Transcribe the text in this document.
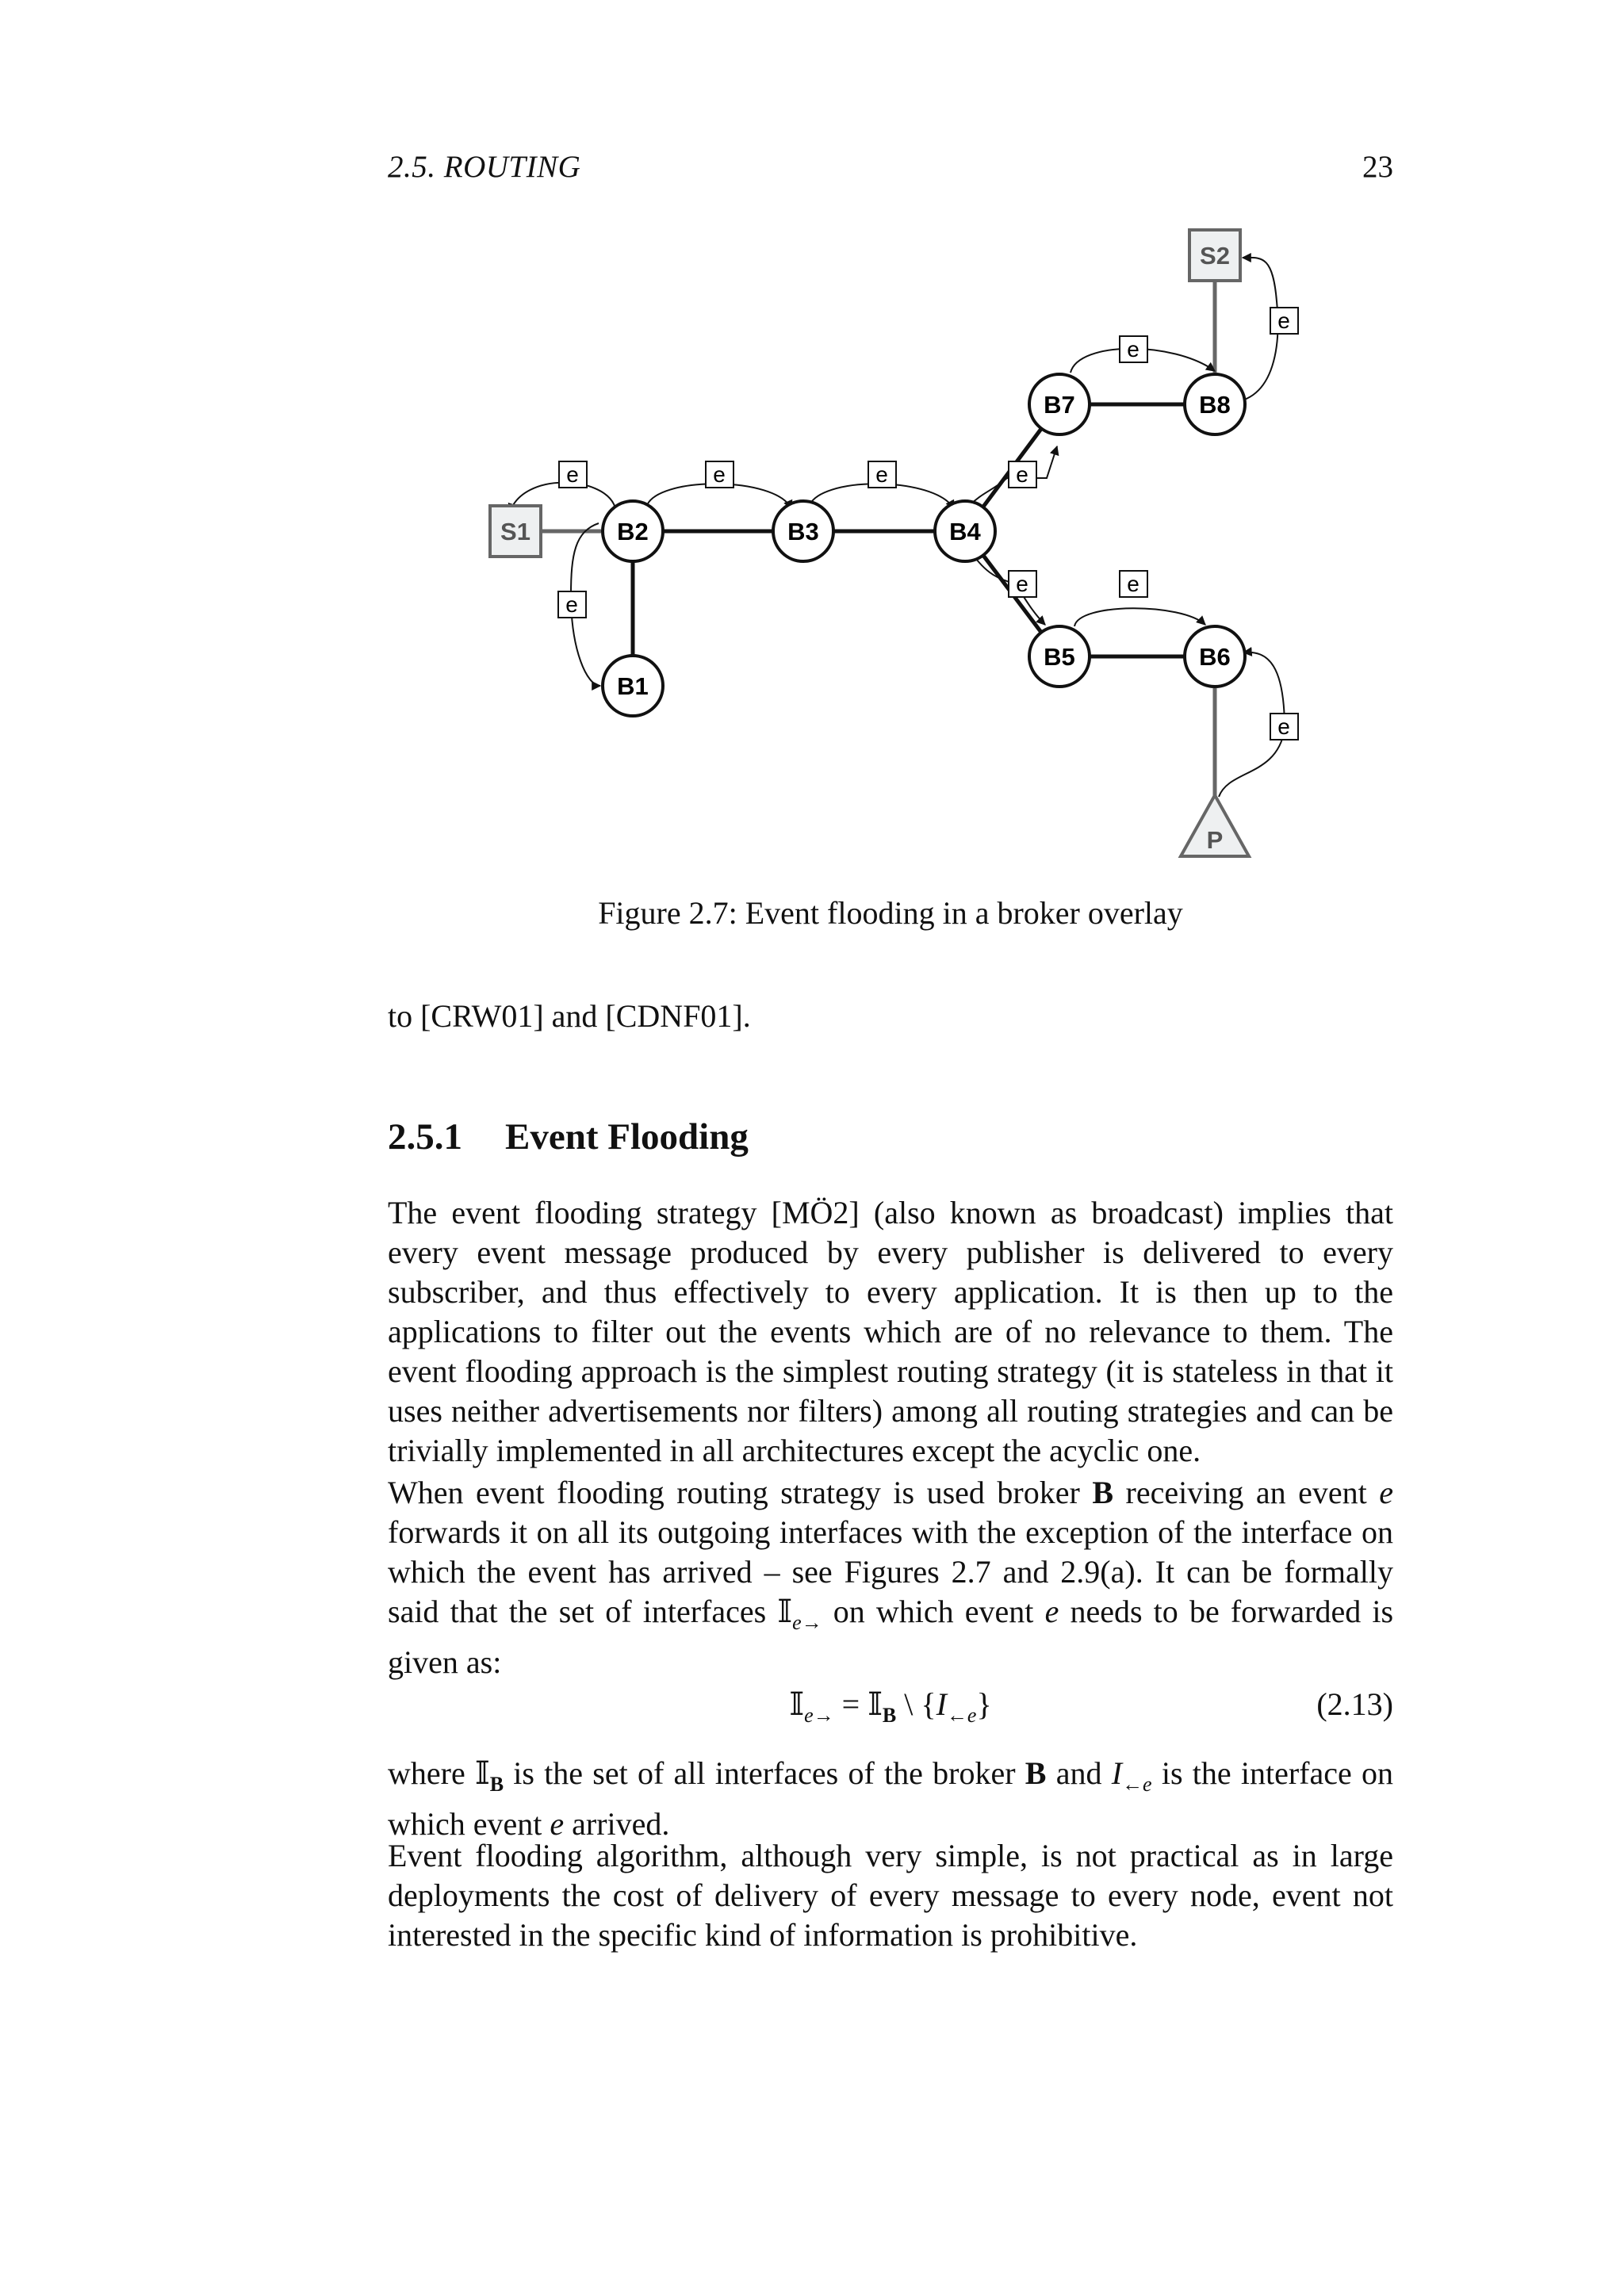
2.5. ROUTING	23
e	e	e	e
e	e
e
e
e
e
B1
B2	B3	B4
B5	B6
B7	B8
S1
S2
P
Figure 2.7: Event flooding in a broker overlay

to [CRW01] and [CDNF01].

2.5.1 Event Flooding

The event flooding strategy [MÖ2] (also known as broadcast) implies that every event message produced by every publisher is delivered to every subscriber, and thus effectively to every application. It is then up to the applications to filter out the events which are of no relevance to them. The event flooding approach is the simplest routing strategy (it is stateless in that it uses neither advertisements nor filters) among all routing strategies and can be trivially implemented in all architectures except the acyclic one.

When event flooding routing strategy is used broker B receiving an event e forwards it on all its outgoing interfaces with the exception of the interface on which the event has arrived – see Figures 2.7 and 2.9(a). It can be formally said that the set of interfaces 𝕀$_{e\to}$ on which event e needs to be forwarded is given as:

𝕀$_{e\to}$ = 𝕀$_B$ \ $\{I_{\leftarrow e}\}$	(2.13)

where 𝕀$_B$ is the set of all interfaces of the broker B and $I_{\leftarrow e}$ is the interface on which event e arrived.

Event flooding algorithm, although very simple, is not practical as in large deployments the cost of delivery of every message to every node, event not interested in the specific kind of information is prohibitive.
